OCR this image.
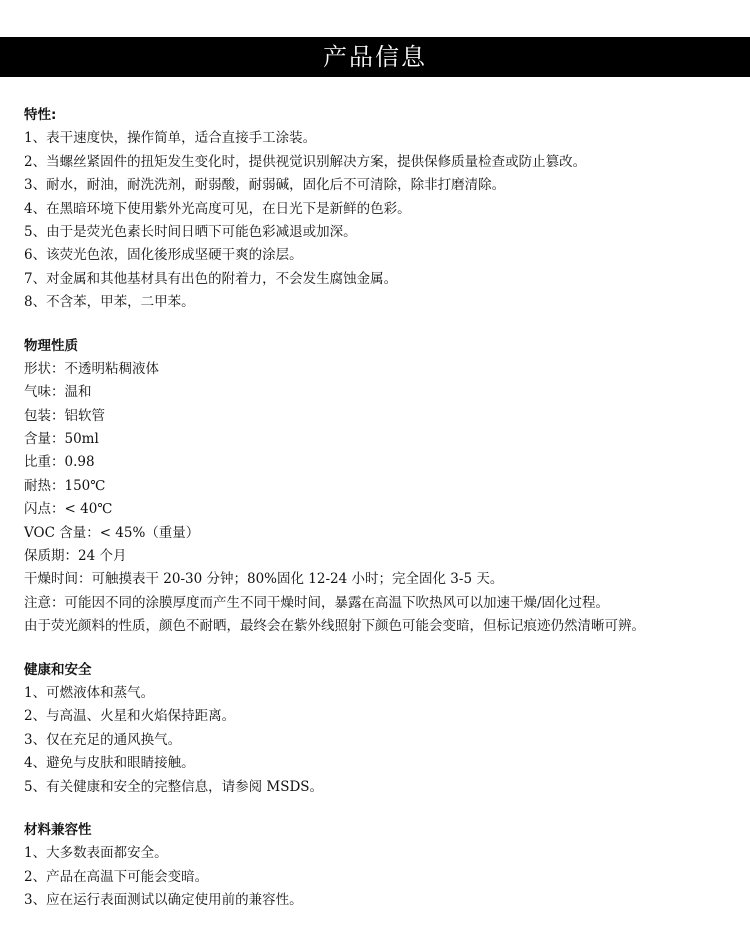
产品信息
特性:
1、表干速度快，操作简单，适合直接手工涂装。
2、当螺丝紧固件的扭矩发生变化时，提供视觉识别解决方案，提供保修质量检查或防止篡改。
3、耐水，耐油，耐洗洗剂，耐弱酸，耐弱碱，固化后不可清除，除非打磨清除。
4、在黑暗环境下使用紫外光高度可见，在日光下是新鲜的色彩。
5、由于是荧光色素长时间日晒下可能色彩减退或加深。
6、该荧光色浓，固化後形成坚硬干爽的涂层。
7、对金属和其他基材具有出色的附着力，不会发生腐蚀金属。
8、不含苯，甲苯，二甲苯。
物理性质
形状：不透明粘稠液体
气味：温和
包装：铝软管
含量：50ml
比重：0.98
耐热：150℃
闪点：< 40℃
VOC 含量：< 45%（重量）
保质期：24 个月
干燥时间：可触摸表干 20-30 分钟；80%固化 12-24 小时；完全固化 3-5 天。
注意：可能因不同的涂膜厚度而产生不同干燥时间，暴露在高温下吹热风可以加速干燥/固化过程。
由于荧光颜料的性质，颜色不耐晒，最终会在紫外线照射下颜色可能会变暗，但标记痕迹仍然清晰可辨。
健康和安全
1、可燃液体和蒸气。
2、与高温、火星和火焰保持距离。
3、仅在充足的通风换气。
4、避免与皮肤和眼睛接触。
5、有关健康和安全的完整信息，请参阅 MSDS。
材料兼容性
1、大多数表面都安全。
2、产品在高温下可能会变暗。
3、应在运行表面测试以确定使用前的兼容性。
